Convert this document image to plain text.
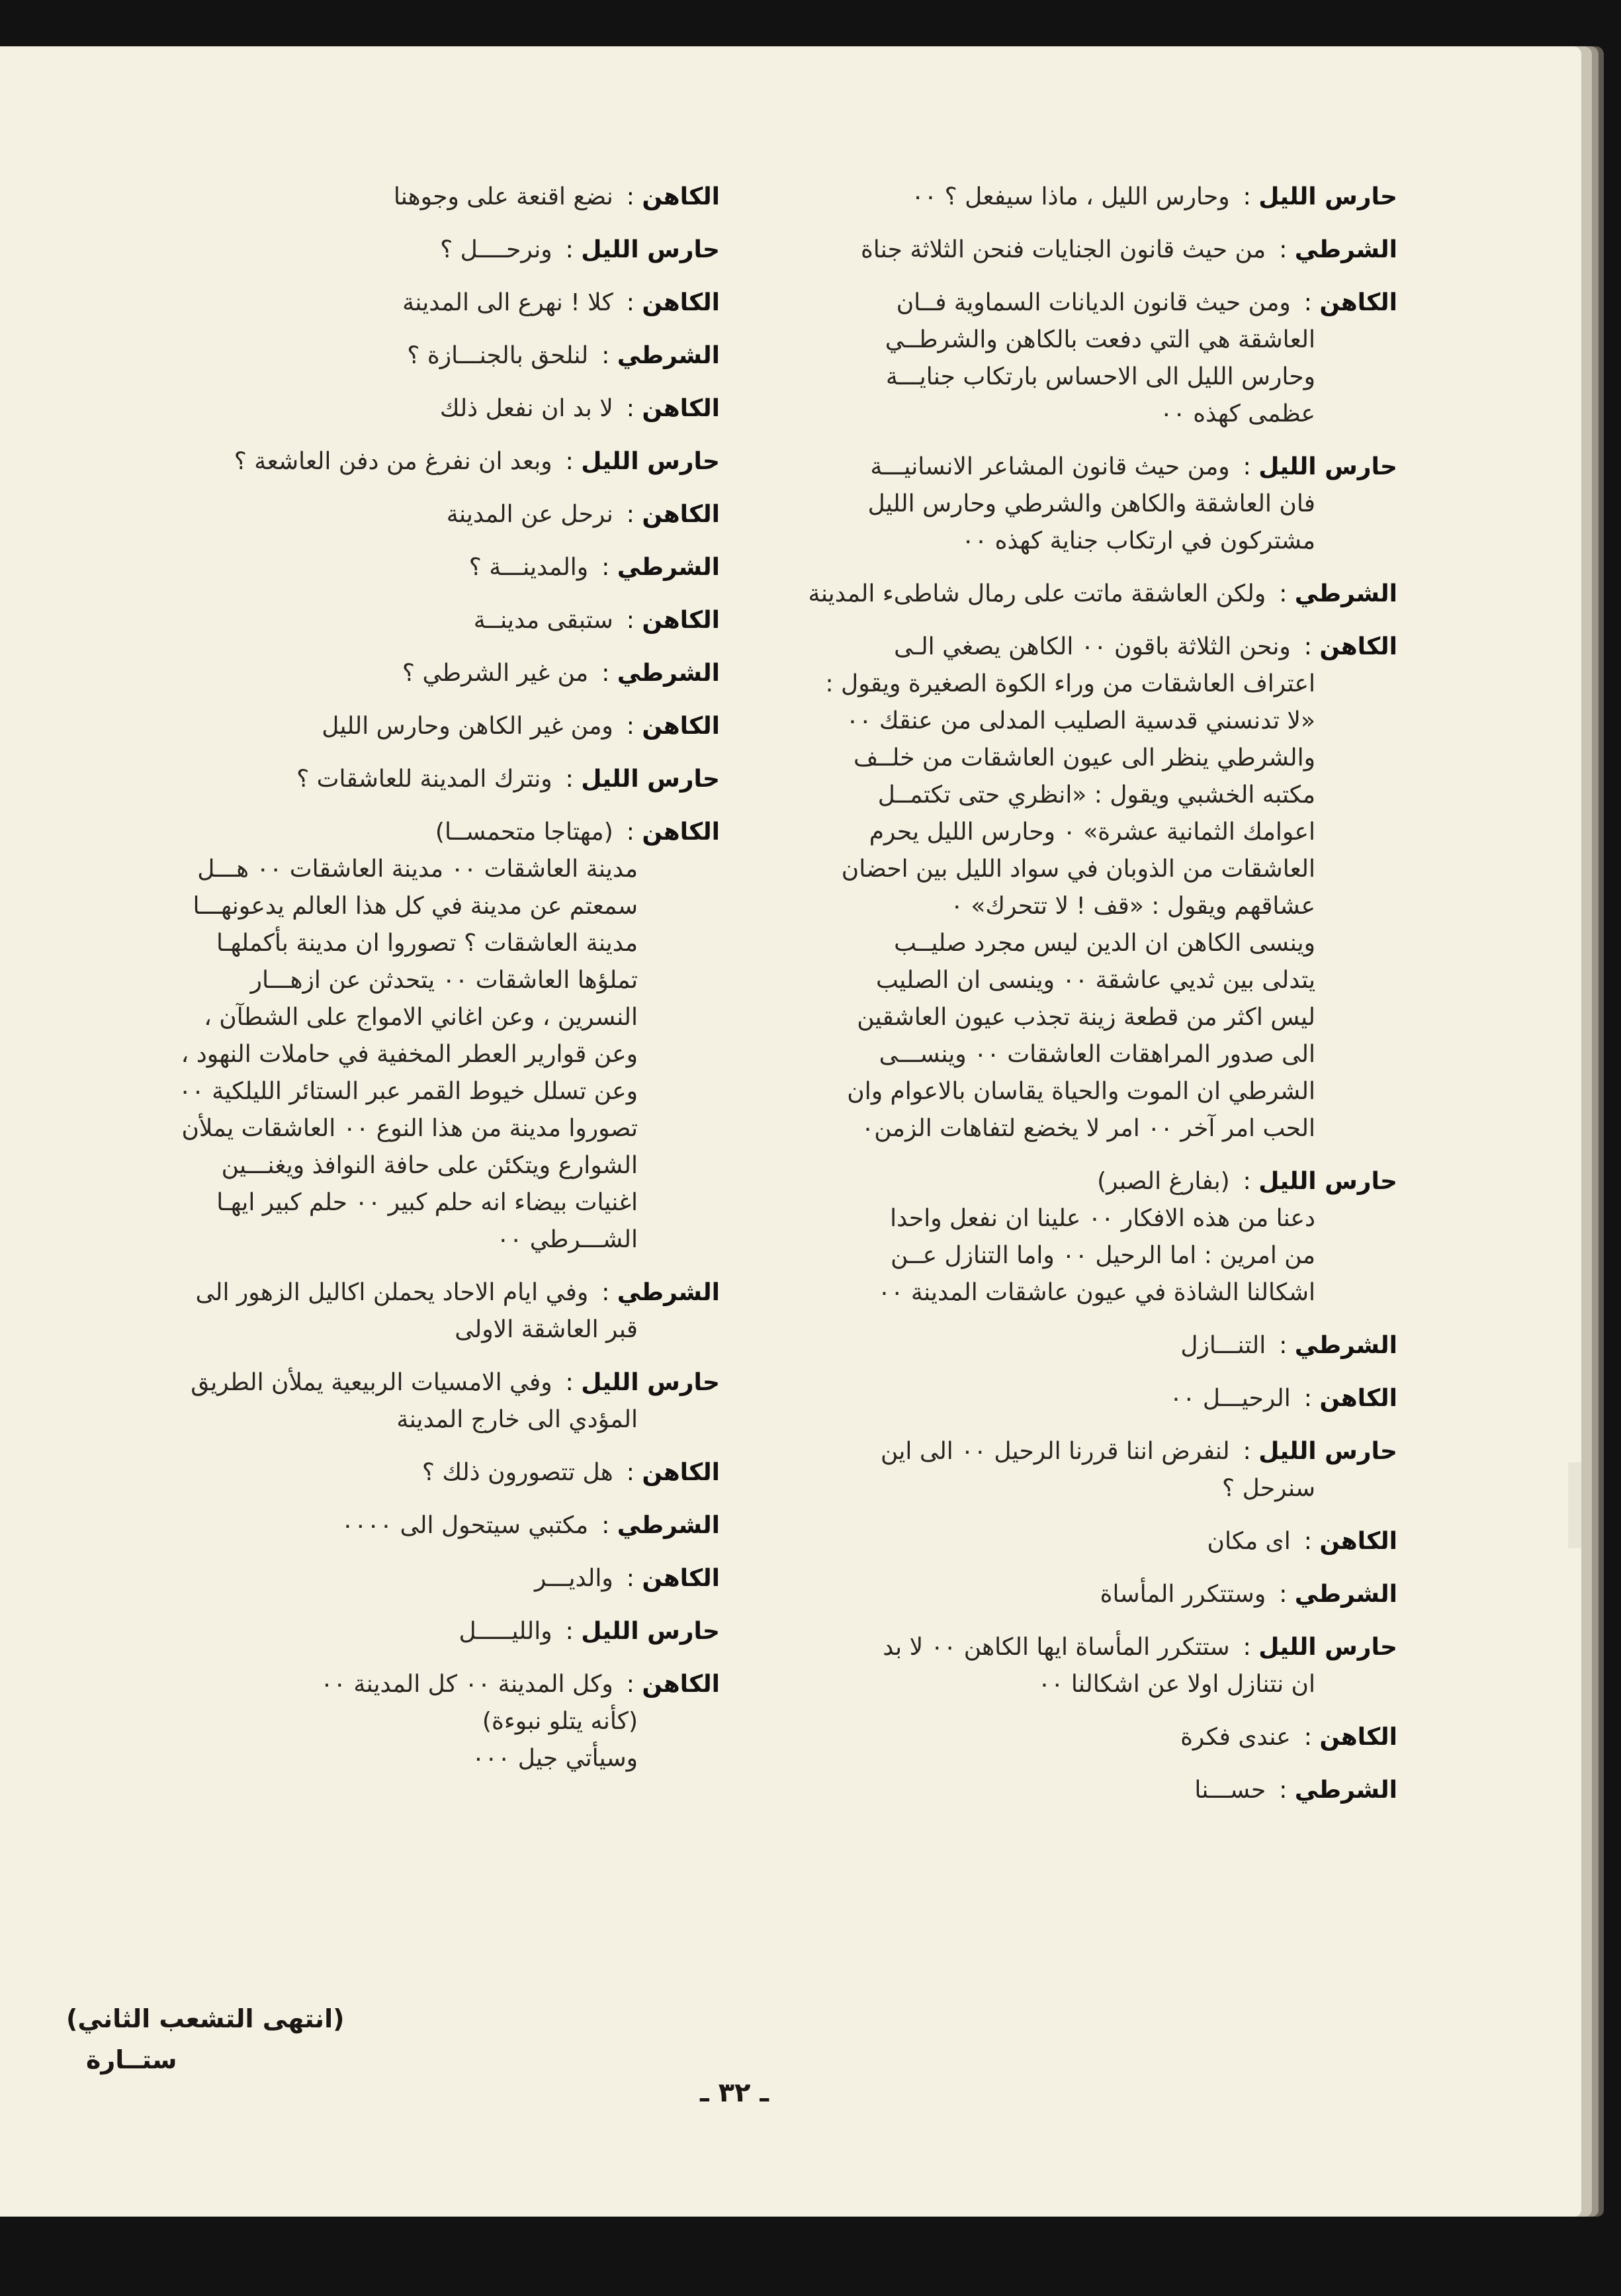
حارس الليل :وحارس الليل ، ماذا سيفعل ؟ ٠٠
الشرطي :من حيث قانون الجنايات فنحن الثلاثة جناة
الكاهن :ومن حيث قانون الديانات السماوية فــان
العاشقة هي التي دفعت بالكاهن والشرطــي
وحارس الليل الى الاحساس بارتكاب جنايـــة
عظمى كهذه ٠٠
حارس الليل :ومن حيث قانون المشاعر الانسانيـــة
فان العاشقة والكاهن والشرطي وحارس الليل
مشتركون في ارتكاب جناية كهذه ٠٠
الشرطي :ولكن العاشقة ماتت على رمال شاطىء المدينة
الكاهن :ونحن الثلاثة باقون ٠٠ الكاهن يصغي الـى
اعتراف العاشقات من وراء الكوة الصغيرة ويقول :
«لا تدنسني قدسية الصليب المدلى من عنقك ٠٠
والشرطي ينظر الى عيون العاشقات من خلــف
مكتبه الخشبي ويقول : «انظري حتى تكتمــل
اعوامك الثمانية عشرة» ٠ وحارس الليل يحرم
العاشقات من الذوبان في سواد الليل بين احضان
عشاقهم ويقول : «قف ! لا تتحرك» ٠
وينسى الكاهن ان الدين ليس مجرد صليــب
يتدلى بين ثديي عاشقة ٠٠ وينسى ان الصليب
ليس اكثر من قطعة زينة تجذب عيون العاشقين
الى صدور المراهقات العاشقات ٠٠ وينســـى
الشرطي ان الموت والحياة يقاسان بالاعوام وان
الحب امر آخر ٠٠ امر لا يخضع لتفاهات الزمن٠
حارس الليل :(بفارغ الصبر)
دعنا من هذه الافكار ٠٠ علينا ان نفعل واحدا
من امرين : اما الرحيل ٠٠ واما التنازل عــن
اشكالنا الشاذة في عيون عاشقات المدينة ٠٠
الشرطي :التنـــازل
الكاهن :الرحيـــل ٠٠
حارس الليل :لنفرض اننا قررنا الرحيل ٠٠ الى اين
سنرحل ؟
الكاهن :اى مكان
الشرطي :وستتكرر المأساة
حارس الليل :ستتكرر المأساة ايها الكاهن ٠٠ لا بد
ان نتنازل اولا عن اشكالنا ٠٠
الكاهن :عندى فكرة
الشرطي :حســـنا
الكاهن :نضع اقنعة على وجوهنا
حارس الليل :ونرحــــل ؟
الكاهن :كلا ! نهرع الى المدينة
الشرطي :لنلحق بالجنـــازة ؟
الكاهن :لا بد ان نفعل ذلك
حارس الليل :وبعد ان نفرغ من دفن العاشعة ؟
الكاهن :نرحل عن المدينة
الشرطي :والمدينـــة ؟
الكاهن :ستبقى مدينــة
الشرطي :من غير الشرطي ؟
الكاهن :ومن غير الكاهن وحارس الليل
حارس الليل :ونترك المدينة للعاشقات ؟
الكاهن :(مهتاجا متحمســا)
مدينة العاشقات ٠٠ مدينة العاشقات ٠٠ هـــل
سمعتم عن مدينة في كل هذا العالم يدعونهـــا
مدينة العاشقات ؟ تصوروا ان مدينة بأكملهـا
تملؤها العاشقات ٠٠ يتحدثن عن ازهـــار
النسرين ، وعن اغاني الامواج على الشطآن ،
وعن قوارير العطر المخفية في حاملات النهود ،
وعن تسلل خيوط القمر عبر الستائر الليلكية ٠٠
تصوروا مدينة من هذا النوع ٠٠ العاشقات يملأن
الشوارع ويتكئن على حافة النوافذ ويغنـــين
اغنيات بيضاء انه حلم كبير ٠٠ حلم كبير ايهـا
الشـــرطي ٠٠
الشرطي :وفي ايام الاحاد يحملن اكاليل الزهور الى
قبر العاشقة الاولى
حارس الليل :وفي الامسيات الربيعية يملأن الطريق
المؤدي الى خارج المدينة
الكاهن :هل تتصورون ذلك ؟
الشرطي :مكتبي سيتحول الى ٠٠٠٠
الكاهن :والديـــر
حارس الليل :والليـــــل
الكاهن :وكل المدينة ٠٠ كل المدينة ٠٠
(كأنه يتلو نبوءة)
وسيأتي جيل ٠٠٠
(انتهى التشعب الثاني)
ستــارة
ـ ٣٢ ـ
